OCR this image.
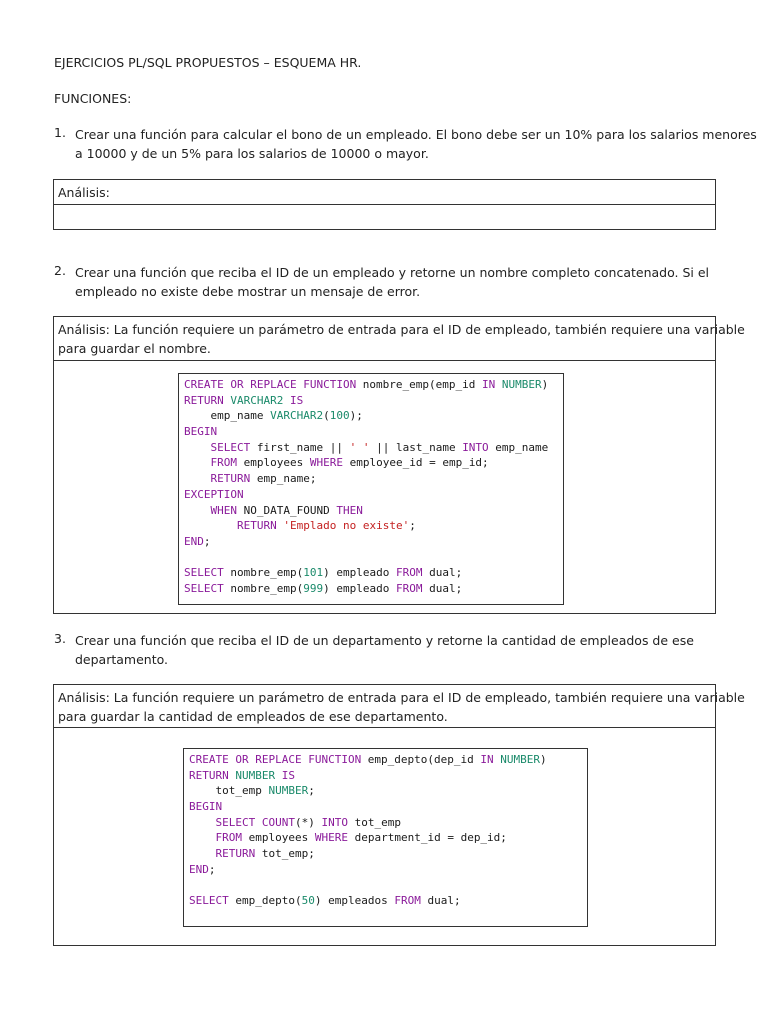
EJERCICIOS PL/SQL PROPUESTOS – ESQUEMA HR.
FUNCIONES:
1. Crear una función para calcular el bono de un empleado. El bono debe ser un 10% para los salarios menores
a 10000 y de un 5% para los salarios de 10000 o mayor.
Análisis:
2. Crear una función que reciba el ID de un empleado y retorne un nombre completo concatenado. Si el
empleado no existe debe mostrar un mensaje de error.
Análisis: La función requiere un parámetro de entrada para el ID de empleado, también requiere una variable
para guardar el nombre.
CREATE OR REPLACE FUNCTION nombre_emp(emp_id IN NUMBER)
RETURN VARCHAR2 IS
emp_name VARCHAR2(100);
BEGIN
SELECT first_name || ' ' || last_name INTO emp_name
FROM employees WHERE employee_id = emp_id;
RETURN emp_name;
EXCEPTION
WHEN NO_DATA_FOUND THEN
RETURN 'Emplado no existe';
END;

SELECT nombre_emp(101) empleado FROM dual;
SELECT nombre_emp(999) empleado FROM dual;
3. Crear una función que reciba el ID de un departamento y retorne la cantidad de empleados de ese
departamento.
Análisis: La función requiere un parámetro de entrada para el ID de empleado, también requiere una variable
para guardar la cantidad de empleados de ese departamento.
CREATE OR REPLACE FUNCTION emp_depto(dep_id IN NUMBER)
RETURN NUMBER IS
tot_emp NUMBER;
BEGIN
SELECT COUNT(*) INTO tot_emp
FROM employees WHERE department_id = dep_id;
RETURN tot_emp;
END;

SELECT emp_depto(50) empleados FROM dual;
